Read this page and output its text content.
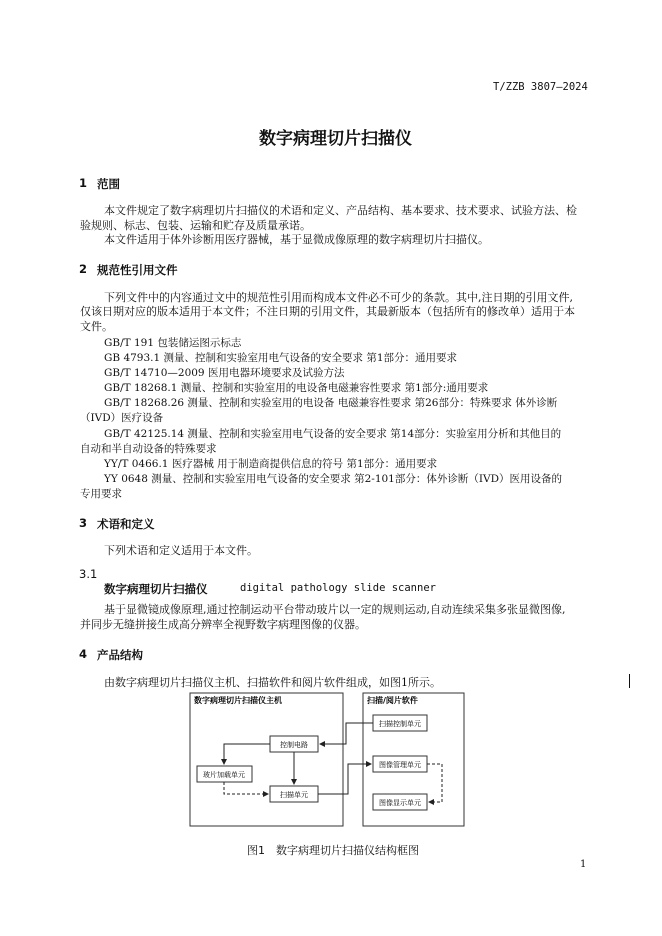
T/ZZB 3807—2024
数字病理切片扫描仪
1 范围
本文件规定了数字病理切片扫描仪的术语和定义、产品结构、基本要求、技术要求、试验方法、检
验规则、标志、包装、运输和贮存及质量承诺。
本文件适用于体外诊断用医疗器械，基于显微成像原理的数字病理切片扫描仪。
2 规范性引用文件
下列文件中的内容通过文中的规范性引用而构成本文件必不可少的条款。其中,注日期的引用文件,
仅该日期对应的版本适用于本文件；不注日期的引用文件，其最新版本（包括所有的修改单）适用于本
文件。
GB/T 191 包装储运图示标志
GB 4793.1 测量、控制和实验室用电气设备的安全要求 第1部分：通用要求
GB/T 14710—2009 医用电器环境要求及试验方法
GB/T 18268.1 测量、控制和实验室用的电设备电磁兼容性要求 第1部分:通用要求
GB/T 18268.26 测量、控制和实验室用的电设备 电磁兼容性要求 第26部分：特殊要求 体外诊断
（IVD）医疗设备
GB/T 42125.14 测量、控制和实验室用电气设备的安全要求 第14部分：实验室用分析和其他目的
自动和半自动设备的特殊要求
YY/T 0466.1 医疗器械 用于制造商提供信息的符号 第1部分：通用要求
YY 0648 测量、控制和实验室用电气设备的安全要求 第2-101部分：体外诊断（IVD）医用设备的
专用要求
3 术语和定义
下列术语和定义适用于本文件。
3.1
数字病理切片扫描仪	digital pathology slide scanner
基于显微镜成像原理,通过控制运动平台带动玻片以一定的规则运动,自动连续采集多张显微图像,
并同步无缝拼接生成高分辨率全视野数字病理图像的仪器。
4 产品结构
由数字病理切片扫描仪主机、扫描软件和阅片软件组成，如图1所示。
数字病理切片扫描仪主机	扫描/阅片软件
控制电路
玻片加载单元
扫描单元
扫描控制单元
图像管理单元
图像显示单元
图1　数字病理切片扫描仪结构框图
1
